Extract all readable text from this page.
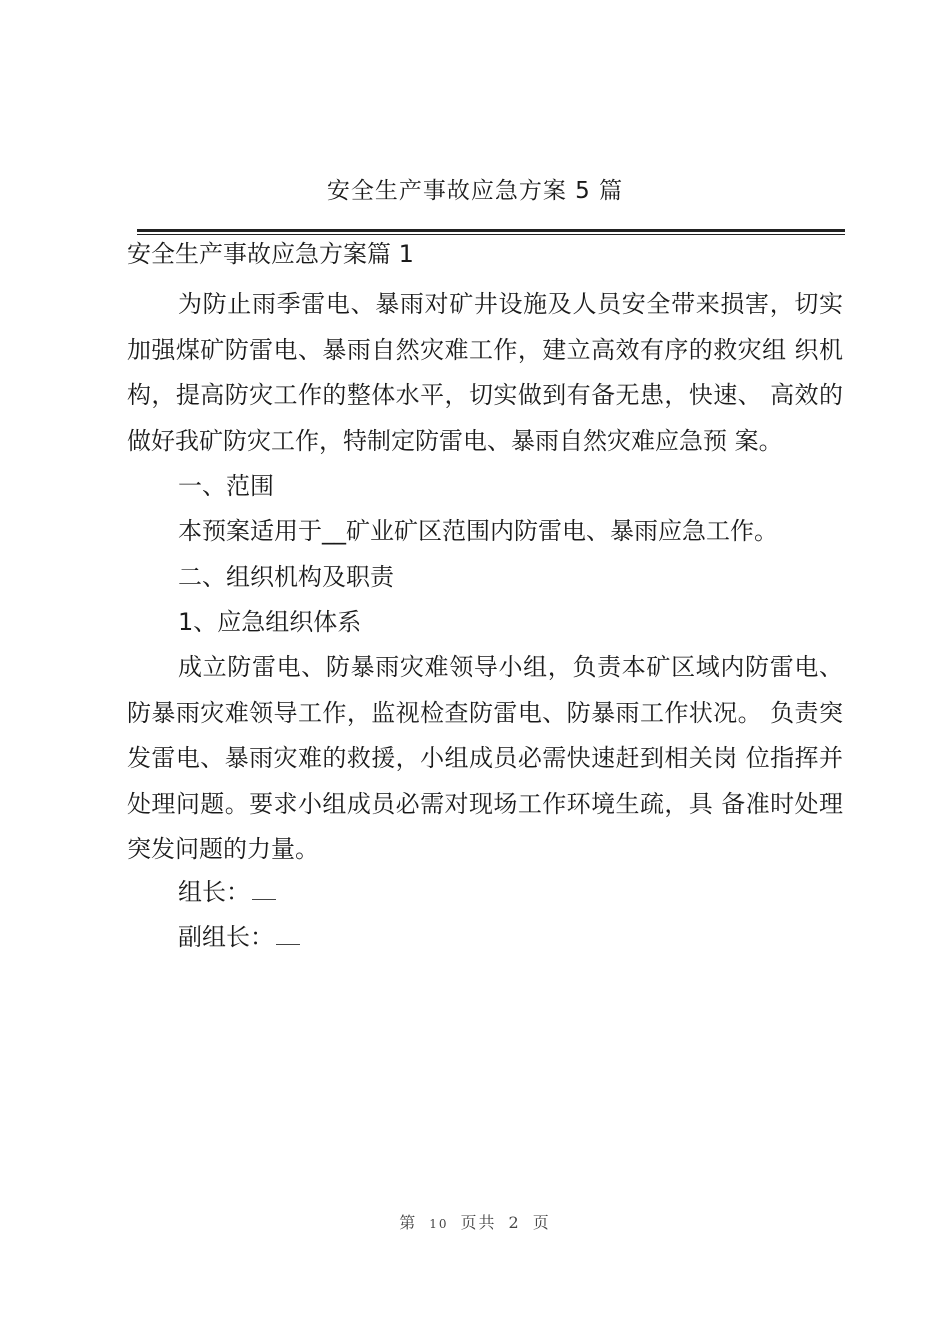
安全生产事故应急方案 5 篇
安全生产事故应急方案篇 1

为防止雨季雷电、暴雨对矿井设施及人员安全带来损害，切实加强煤矿防雷电、暴雨自然灾难工作，建立高效有序的救灾组 织机构，提高防灾工作的整体水平，切实做到有备无患，快速、 高效的做好我矿防灾工作，特制定防雷电、暴雨自然灾难应急预 案。

一、范围

本预案适用于__矿业矿区范围内防雷电、暴雨应急工作。

二、组织机构及职责

1、应急组织体系

成立防雷电、防暴雨灾难领导小组，负责本矿区域内防雷电、防暴雨灾难领导工作，监视检查防雷电、防暴雨工作状况。 负责突发雷电、暴雨灾难的救援，小组成员必需快速赶到相关岗 位指挥并处理问题。要求小组成员必需对现场工作环境生疏，具 备准时处理突发问题的力量。

组长：

副组长：

第 10 页共 2 页
